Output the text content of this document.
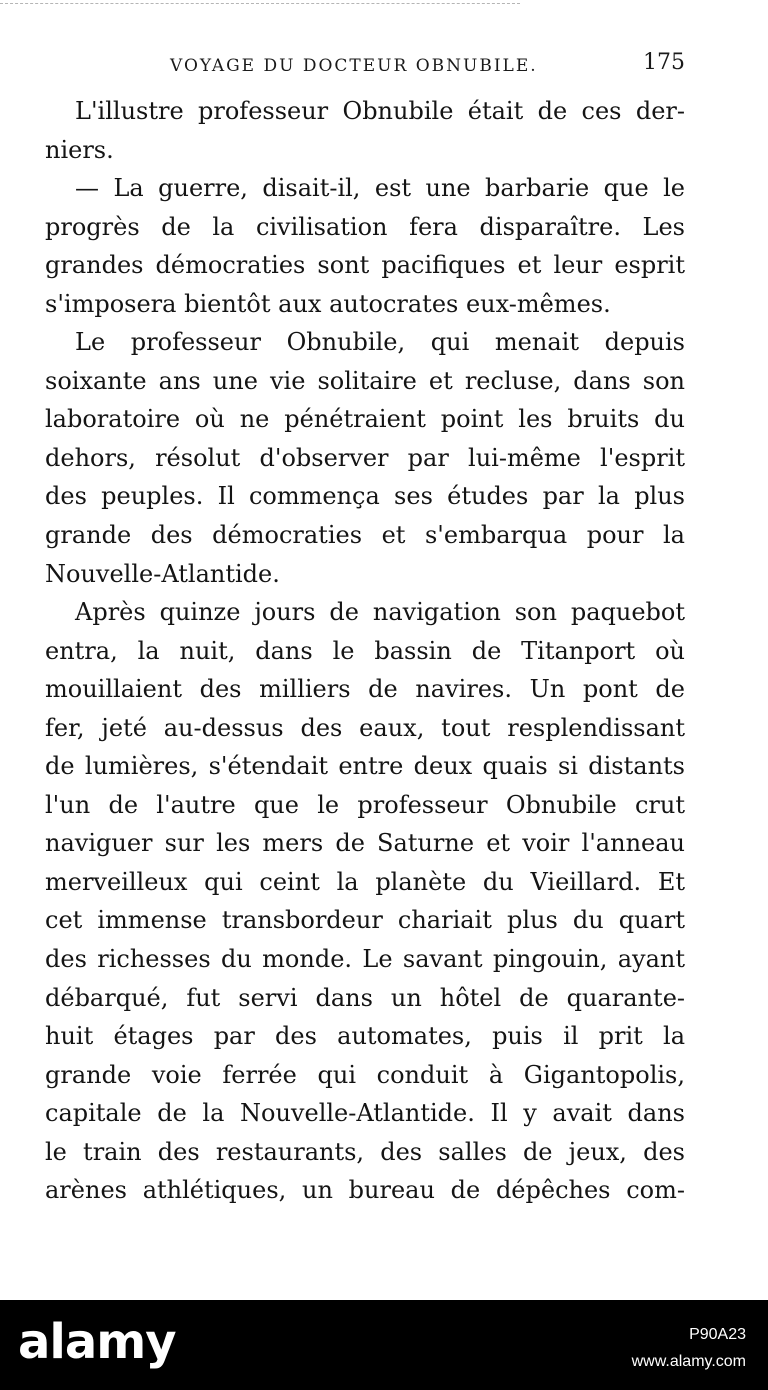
VOYAGE DU DOCTEUR OBNUBILE.	175
L'illustre professeur Obnubile était de ces der-
niers.
— La guerre, disait-il, est une barbarie que le
progrès de la civilisation fera disparaître. Les
grandes démocraties sont pacifiques et leur esprit
s'imposera bientôt aux autocrates eux-mêmes.
Le professeur Obnubile, qui menait depuis
soixante ans une vie solitaire et recluse, dans son
laboratoire où ne pénétraient point les bruits du
dehors, résolut d'observer par lui-même l'esprit
des peuples. Il commença ses études par la plus
grande des démocraties et s'embarqua pour la
Nouvelle-Atlantide.
Après quinze jours de navigation son paquebot
entra, la nuit, dans le bassin de Titanport où
mouillaient des milliers de navires. Un pont de
fer, jeté au-dessus des eaux, tout resplendissant
de lumières, s'étendait entre deux quais si distants
l'un de l'autre que le professeur Obnubile crut
naviguer sur les mers de Saturne et voir l'anneau
merveilleux qui ceint la planète du Vieillard. Et
cet immense transbordeur chariait plus du quart
des richesses du monde. Le savant pingouin, ayant
débarqué, fut servi dans un hôtel de quarante-
huit étages par des automates, puis il prit la
grande voie ferrée qui conduit à Gigantopolis,
capitale de la Nouvelle-Atlantide. Il y avait dans
le train des restaurants, des salles de jeux, des
arènes athlétiques, un bureau de dépêches com-
alamy	P90A23
www.alamy.com
